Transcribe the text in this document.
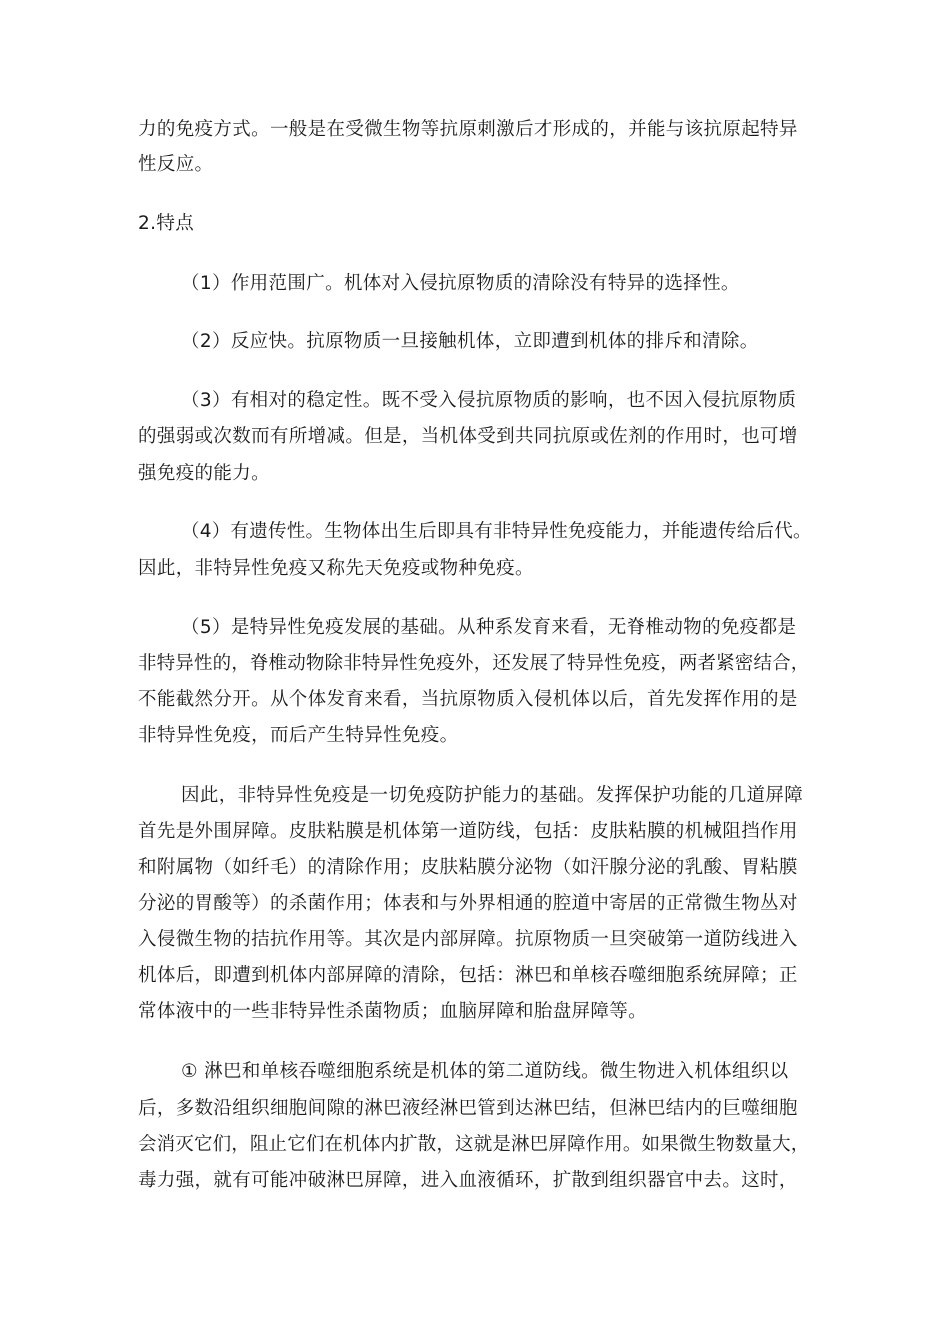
力的免疫方式。一般是在受微生物等抗原刺激后才形成的，并能与该抗原起特异

性反应。

2.特点

（1）作用范围广。机体对入侵抗原物质的清除没有特异的选择性。

（2）反应快。抗原物质一旦接触机体，立即遭到机体的排斥和清除。

（3）有相对的稳定性。既不受入侵抗原物质的影响，也不因入侵抗原物质

的强弱或次数而有所增减。但是，当机体受到共同抗原或佐剂的作用时，也可增

强免疫的能力。

（4）有遗传性。生物体出生后即具有非特异性免疫能力，并能遗传给后代。

因此，非特异性免疫又称先天免疫或物种免疫。

（5）是特异性免疫发展的基础。从种系发育来看，无脊椎动物的免疫都是

非特异性的，脊椎动物除非特异性免疫外，还发展了特异性免疫，两者紧密结合，

不能截然分开。从个体发育来看，当抗原物质入侵机体以后，首先发挥作用的是

非特异性免疫，而后产生特异性免疫。

因此，非特异性免疫是一切免疫防护能力的基础。发挥保护功能的几道屏障

首先是外围屏障。皮肤粘膜是机体第一道防线，包括：皮肤粘膜的机械阻挡作用

和附属物（如纤毛）的清除作用；皮肤粘膜分泌物（如汗腺分泌的乳酸、胃粘膜

分泌的胃酸等）的杀菌作用；体表和与外界相通的腔道中寄居的正常微生物丛对

入侵微生物的拮抗作用等。其次是内部屏障。抗原物质一旦突破第一道防线进入

机体后，即遭到机体内部屏障的清除，包括：淋巴和单核吞噬细胞系统屏障；正

常体液中的一些非特异性杀菌物质；血脑屏障和胎盘屏障等。

① 淋巴和单核吞噬细胞系统是机体的第二道防线。微生物进入机体组织以

后，多数沿组织细胞间隙的淋巴液经淋巴管到达淋巴结，但淋巴结内的巨噬细胞

会消灭它们，阻止它们在机体内扩散，这就是淋巴屏障作用。如果微生物数量大，

毒力强，就有可能冲破淋巴屏障，进入血液循环，扩散到组织器官中去。这时，
